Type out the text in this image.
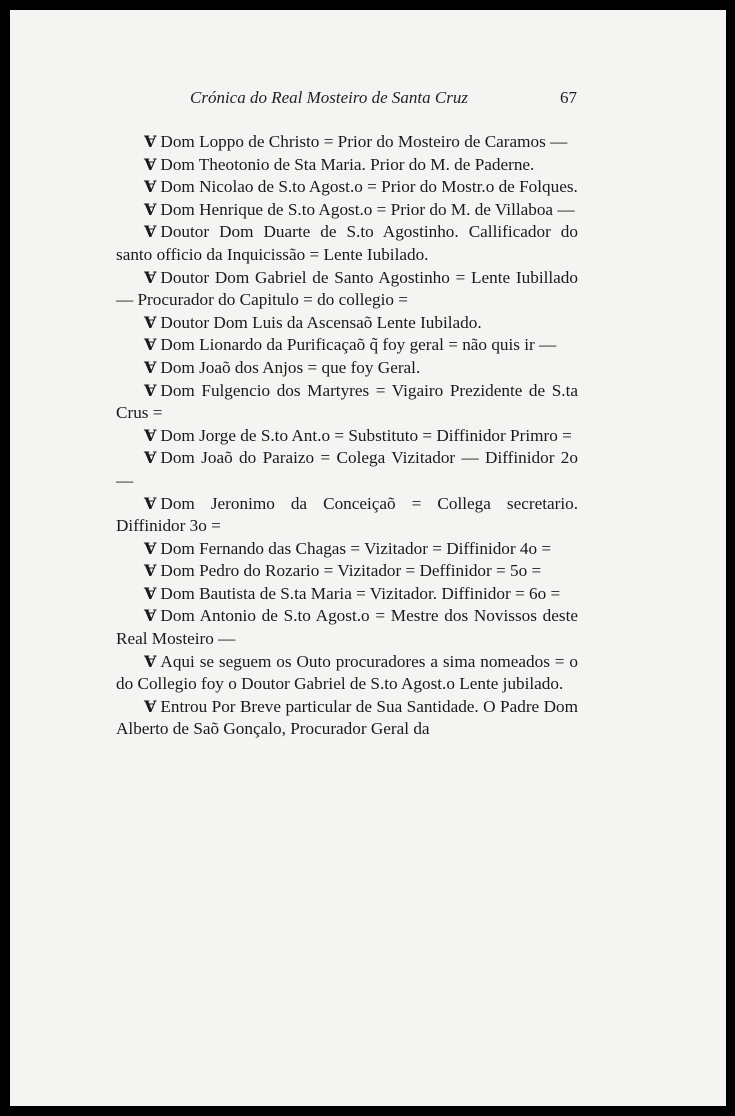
Crónica do Real Mosteiro de Santa Cruz	67

Ɐ Dom Loppo de Christo = Prior do Mosteiro de Caramos —

Ɐ Dom Theotonio de Sta Maria. Prior do M. de Paderne.

Ɐ Dom Nicolao de S.to Agost.o = Prior do Mostr.o de Folques.

Ɐ Dom Henrique de S.to Agost.o = Prior do M. de Villaboa —

Ɐ Doutor Dom Duarte de S.to Agostinho. Callificador do santo officio da Inquicissão = Lente Iubilado.

Ɐ Doutor Dom Gabriel de Santo Agostinho = Lente Iubillado — Procurador do Capitulo = do collegio =

Ɐ Doutor Dom Luis da Ascensaõ Lente Iubilado.

Ɐ Dom Lionardo da Purificaçaõ q̃ foy geral = não quis ir —

Ɐ Dom Joaõ dos Anjos = que foy Geral.

Ɐ Dom Fulgencio dos Martyres = Vigairo Prezidente de S.ta Crus =

Ɐ Dom Jorge de S.to Ant.o = Substituto = Diffinidor Primro =

Ɐ Dom Joaõ do Paraizo = Colega Vizitador — Diffinidor 2o —

Ɐ Dom Jeronimo da Conceiçaõ = Collega secretario. Diffinidor 3o =

Ɐ Dom Fernando das Chagas = Vizitador = Diffinidor 4o =

Ɐ Dom Pedro do Rozario = Vizitador = Deffinidor = 5o =

Ɐ Dom Bautista de S.ta Maria = Vizitador. Diffinidor = 6o =

Ɐ Dom Antonio de S.to Agost.o = Mestre dos Novissos deste Real Mosteiro —

Ɐ Aqui se seguem os Outo procuradores a sima nomeados = o do Collegio foy o Doutor Gabriel de S.to Agost.o Lente jubilado.

Ɐ Entrou Por Breve particular de Sua Santidade. O Padre Dom Alberto de Saõ Gonçalo, Procurador Geral da
